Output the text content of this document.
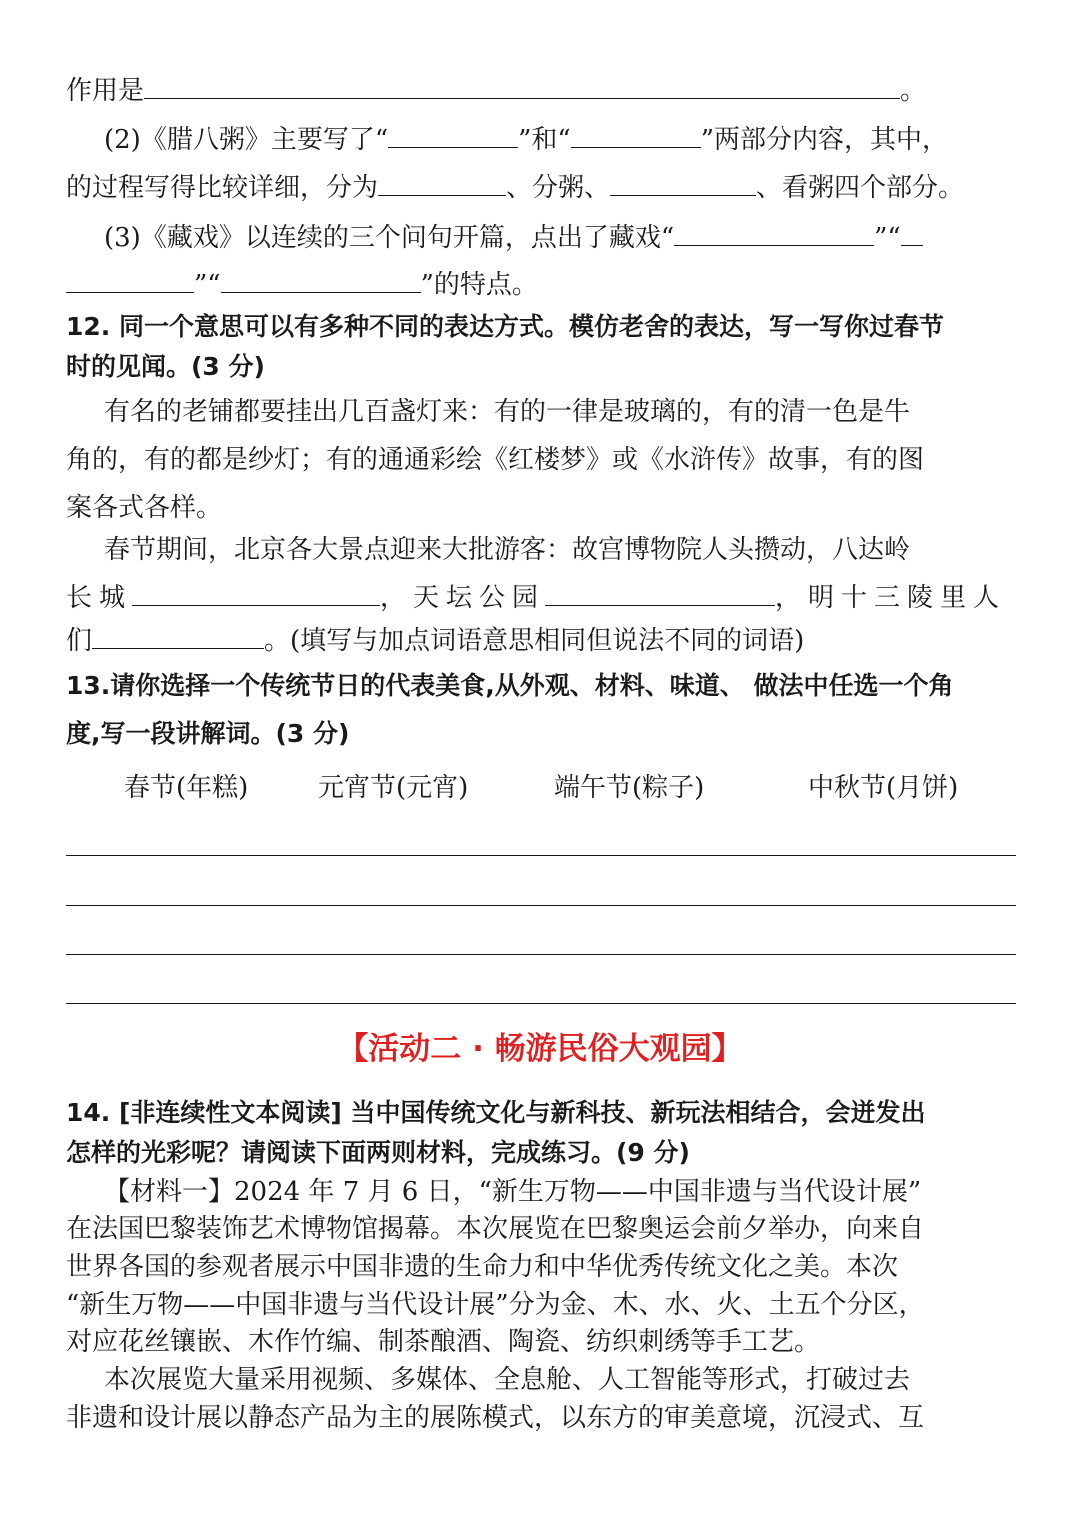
作用是	。
(2)《腊八粥》主要写了“	”和“	”两部分内容，其中，
的过程写得比较详细，分为	、分粥、	、看粥四个部分。
(3)《藏戏》以连续的三个问句开篇，点出了藏戏“	”“
”“	”的特点。
12. 同一个意思可以有多种不同的表达方式。模仿老舍的表达，写一写你过春节
时的见闻。(3 分)
有名的老铺都要挂出几百盏灯来：有的一律是玻璃的，有的清一色是牛
角的，有的都是纱灯；有的通通彩绘《红楼梦》或《水浒传》故事，有的图
案各式各样。
春节期间，北京各大景点迎来大批游客：故宫博物院人头攒动，八达岭
长城	，天坛公园	，明十三陵里人
们	。(填写与加点词语意思相同但说法不同的词语)
13.请你选择一个传统节日的代表美食,从外观、材料、味道、 做法中任选一个角
度,写一段讲解词。(3 分)
春节(年糕)	元宵节(元宵)	端午节(粽子)	中秋节(月饼)
【活动二 · 畅游民俗大观园】
14. [非连续性文本阅读] 当中国传统文化与新科技、新玩法相结合，会迸发出
怎样的光彩呢？请阅读下面两则材料，完成练习。(9 分)
【材料一】2024 年 7 月 6 日，“新生万物——中国非遗与当代设计展”
在法国巴黎装饰艺术博物馆揭幕。本次展览在巴黎奥运会前夕举办，向来自
世界各国的参观者展示中国非遗的生命力和中华优秀传统文化之美。本次
“新生万物——中国非遗与当代设计展”分为金、木、水、火、土五个分区，
对应花丝镶嵌、木作竹编、制茶酿酒、陶瓷、纺织刺绣等手工艺。
本次展览大量采用视频、多媒体、全息舱、人工智能等形式，打破过去
非遗和设计展以静态产品为主的展陈模式，以东方的审美意境，沉浸式、互
